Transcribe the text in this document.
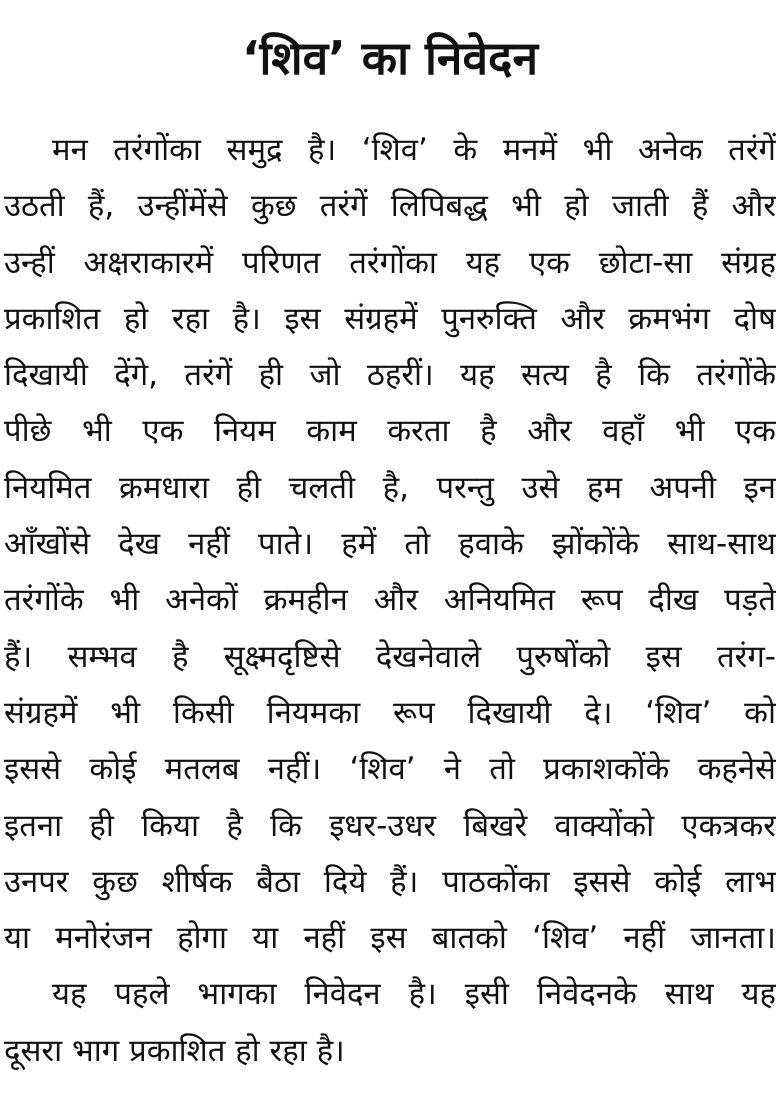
‘शिव’ का निवेदन
मन तरंगोंका समुद्र है। ‘शिव’ के मनमें भी अनेक तरंगें
उठती हैं, उन्हींमेंसे कुछ तरंगें लिपिबद्ध भी हो जाती हैं और
उन्हीं अक्षराकारमें परिणत तरंगोंका यह एक छोटा-सा संग्रह
प्रकाशित हो रहा है। इस संग्रहमें पुनरुक्ति और क्रमभंग दोष
दिखायी देंगे, तरंगें ही जो ठहरीं। यह सत्य है कि तरंगोंके
पीछे भी एक नियम काम करता है और वहाँ भी एक
नियमित क्रमधारा ही चलती है, परन्तु उसे हम अपनी इन
आँखोंसे देख नहीं पाते। हमें तो हवाके झोंकोंके साथ-साथ
तरंगोंके भी अनेकों क्रमहीन और अनियमित रूप दीख पड़ते
हैं। सम्भव है सूक्ष्मदृष्टिसे देखनेवाले पुरुषोंको इस तरंग-
संग्रहमें भी किसी नियमका रूप दिखायी दे। ‘शिव’ को
इससे कोई मतलब नहीं। ‘शिव’ ने तो प्रकाशकोंके कहनेसे
इतना ही किया है कि इधर-उधर बिखरे वाक्योंको एकत्रकर
उनपर कुछ शीर्षक बैठा दिये हैं। पाठकोंका इससे कोई लाभ
या मनोरंजन होगा या नहीं इस बातको ‘शिव’ नहीं जानता।
यह पहले भागका निवेदन है। इसी निवेदनके साथ यह
दूसरा भाग प्रकाशित हो रहा है।
